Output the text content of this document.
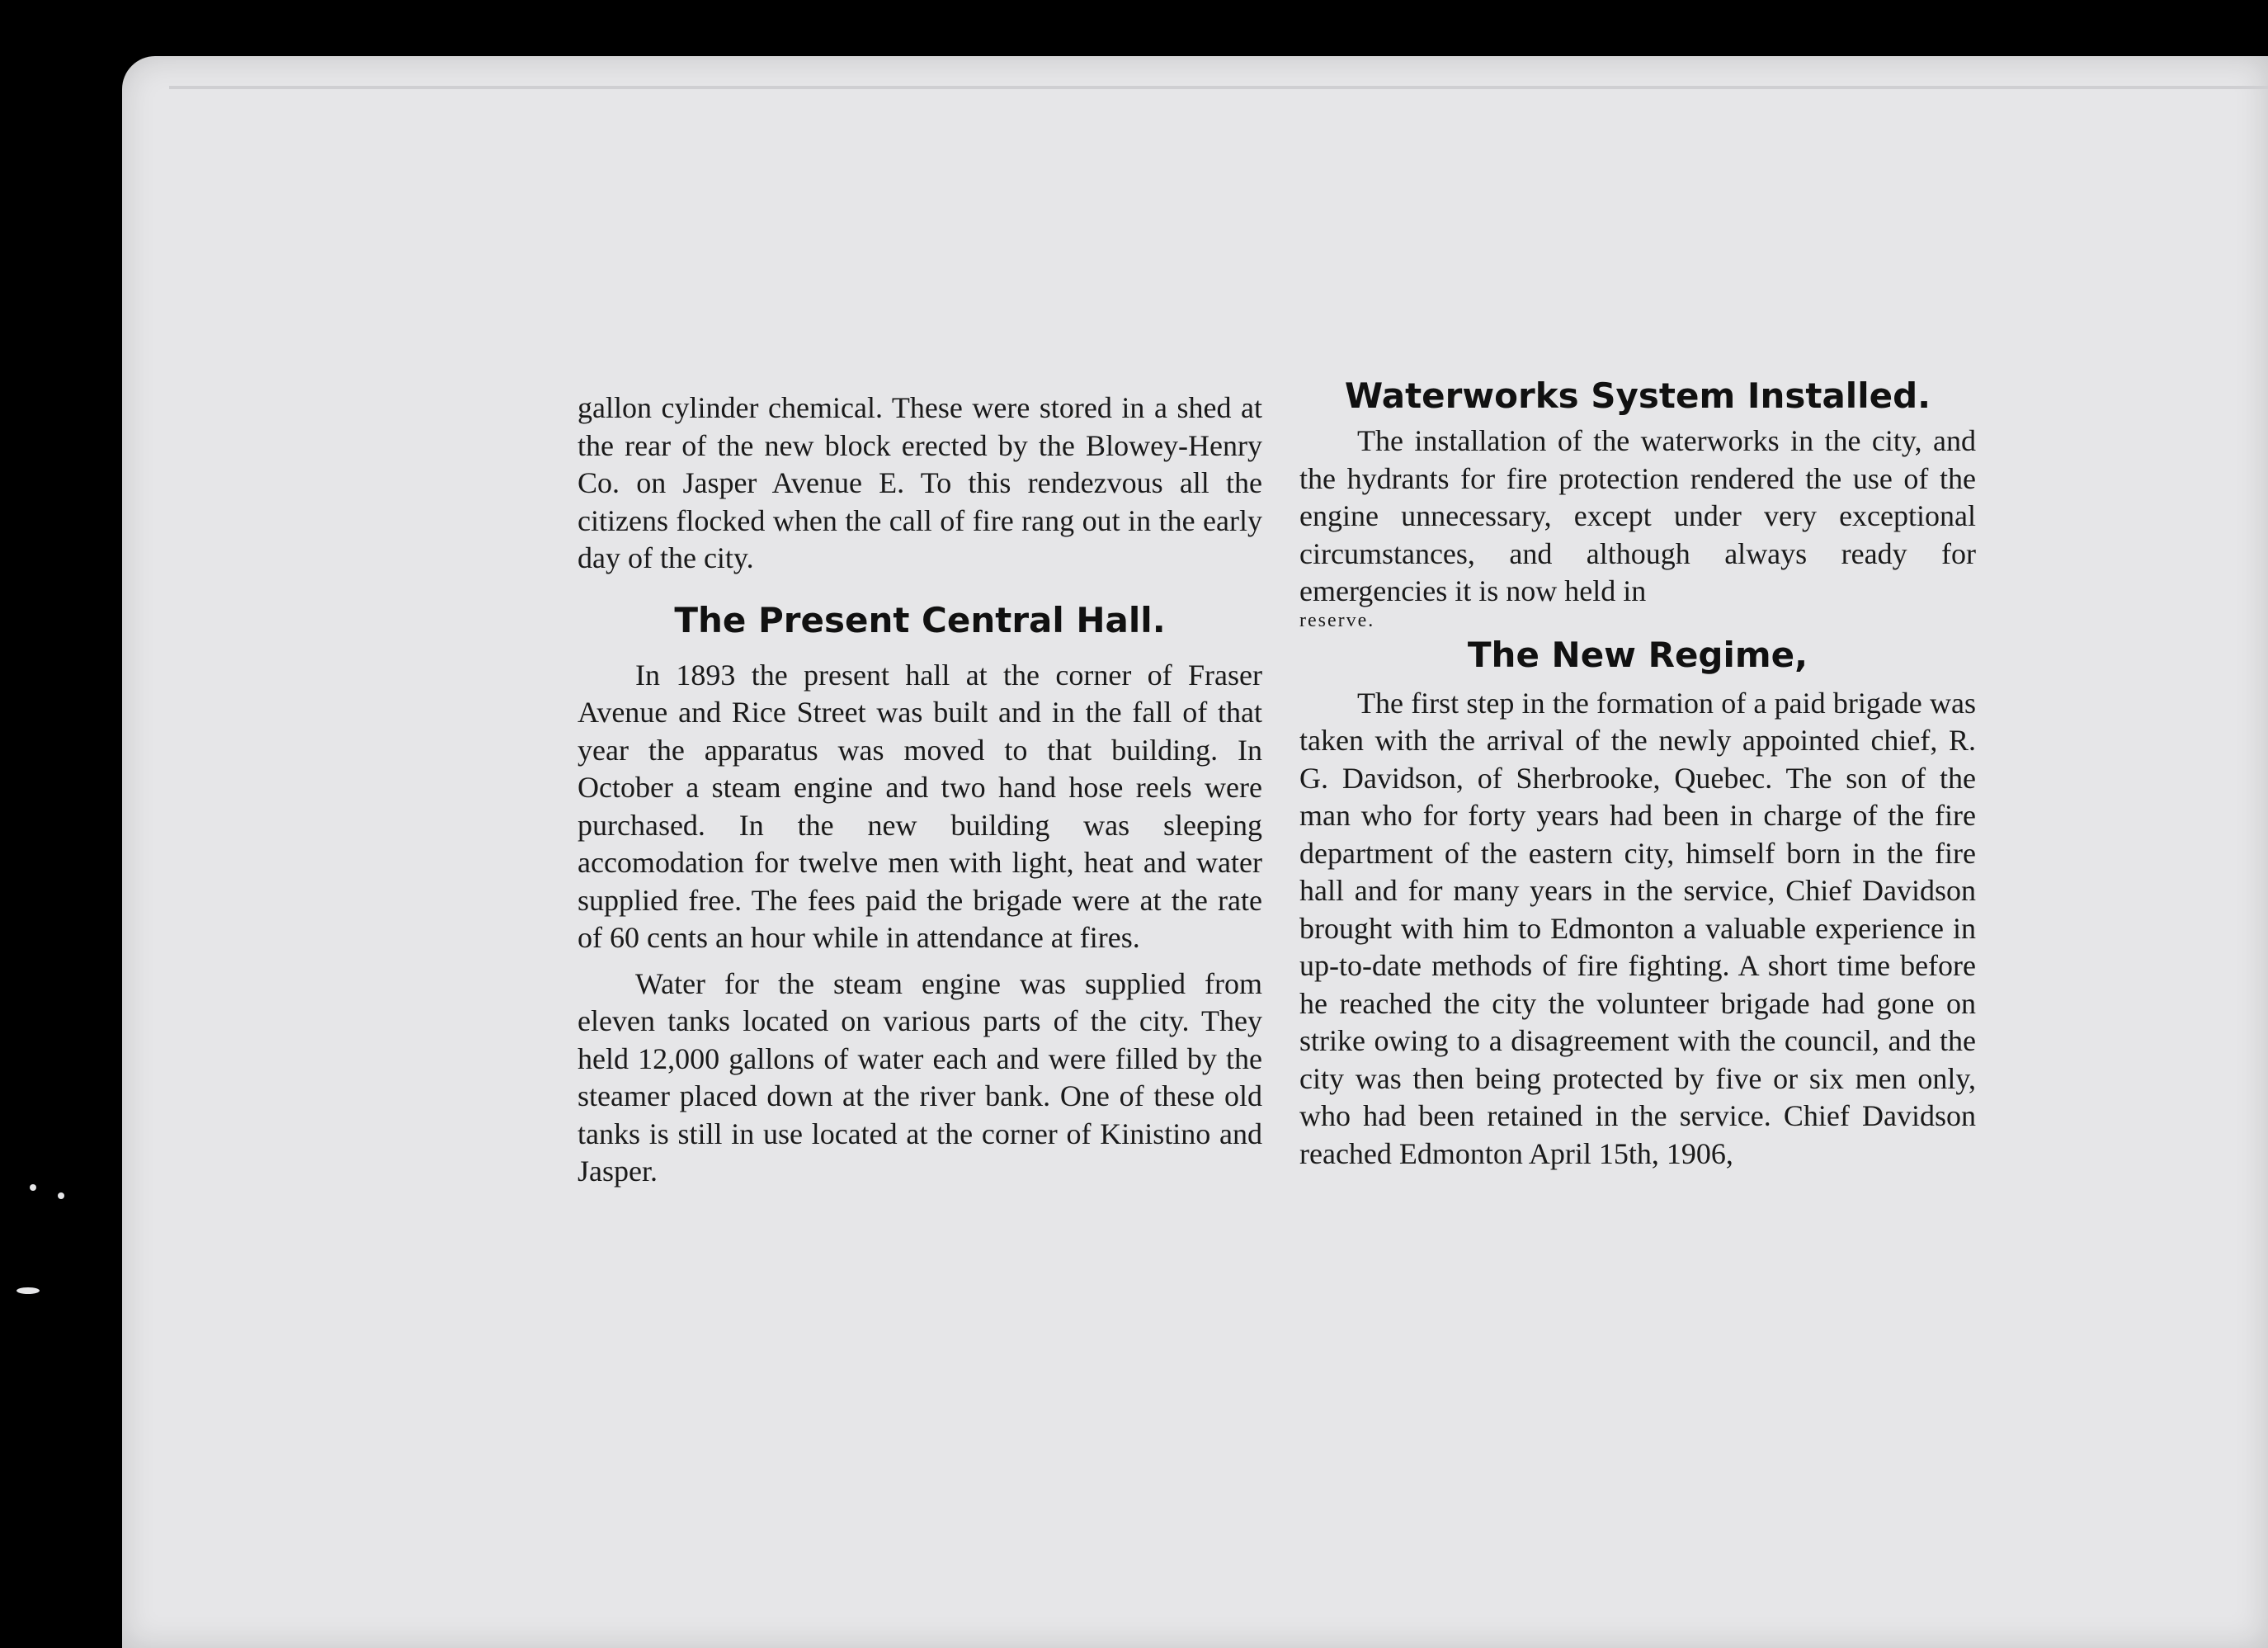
gallon cylinder chemical. These were stored in a shed at the rear of the new block erected by the Blowey-Henry Co. on Jasper Avenue E. To this rendezvous all the citizens flocked when the call of fire rang out in the early day of the city.

The Present Central Hall.

In 1893 the present hall at the corner of Fraser Avenue and Rice Street was built and in the fall of that year the apparatus was moved to that building. In October a steam engine and two hand hose reels were purchased. In the new building was sleeping accomodation for twelve men with light, heat and water supplied free. The fees paid the brigade were at the rate of 60 cents an hour while in attendance at fires.

Water for the steam engine was supplied from eleven tanks located on various parts of the city. They held 12,000 gallons of water each and were filled by the steamer placed down at the river bank. One of these old tanks is still in use located at the corner of Kinistino and Jasper.

Waterworks System Installed.

The installation of the waterworks in the city, and the hydrants for fire protection rendered the use of the engine unnecessary, except under very exceptional circumstances, and although always ready for emergencies it is now held in

reserve.

The New Regime,

The first step in the formation of a paid brigade was taken with the arrival of the newly appointed chief, R. G. Davidson, of Sherbrooke, Quebec. The son of the man who for forty years had been in charge of the fire department of the eastern city, himself born in the fire hall and for many years in the service, Chief Davidson brought with him to Edmonton a valuable experience in up-to-date methods of fire fighting. A short time before he reached the city the volunteer brigade had gone on strike owing to a disagreement with the council, and the city was then being protected by five or six men only, who had been retained in the service. Chief Davidson reached Edmonton April 15th, 1906,
